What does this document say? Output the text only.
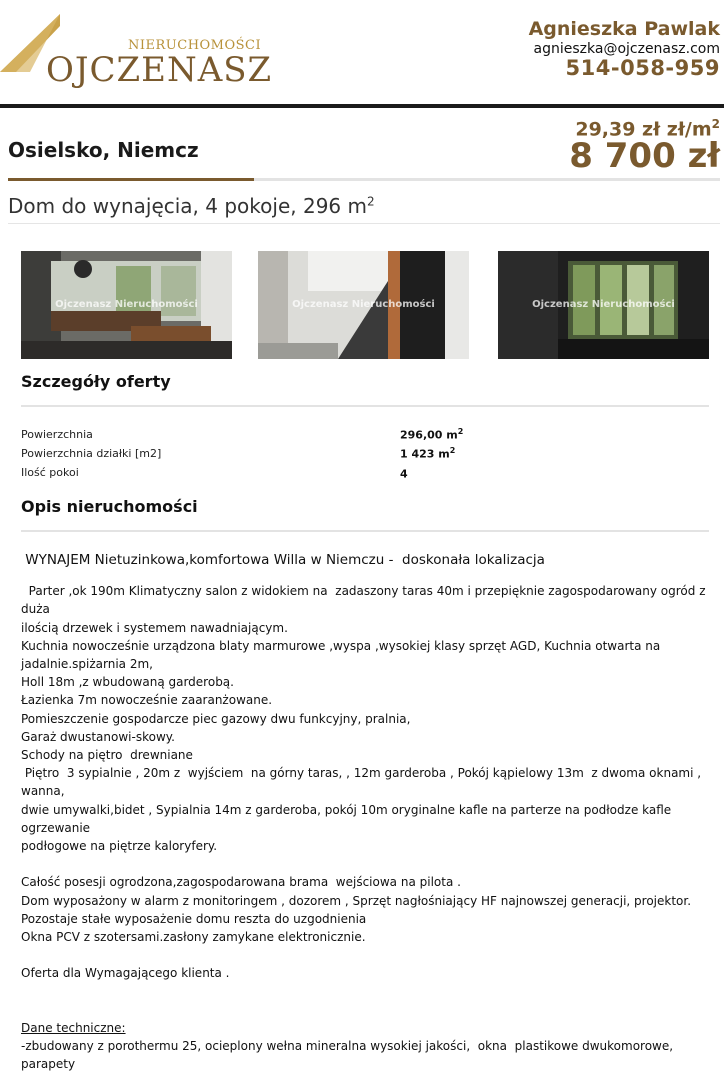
NIERUCHOMOŚCI
OJCZENASZ
Agnieszka Pawlak
agnieszka@ojczenasz.com
514-058-959
Osielsko, Niemcz
29,39 zł $zł/m^2$
8 700 zł
Dom do wynajęcia, 4 pokoje, 296 $m^2$
Ojczenasz Nieruchomości	Ojczenasz Nieruchomości	Ojczenasz Nieruchomości
Szczegóły oferty
Powierzchnia	296,00 $m^2$
Powierzchnia działki [m2]	1 423 $m^2$
Ilość pokoi	4
Opis nieruchomości

WYNAJEM Nietuzinkowa,komfortowa Willa w Niemczu -  doskonała lokalizacja

Parter ,ok 190m Klimatyczny salon z widokiem na  zadaszony taras 40m i przepięknie zagospodarowany ogród z duża

ilością drzewek i systemem nawadniającym.

Kuchnia nowocześnie urządzona blaty marmurowe ,wyspa ,wysokiej klasy sprzęt AGD, Kuchnia otwarta na

jadalnie.spiżarnia 2m,

Holl 18m ,z wbudowaną garderobą.

Łazienka 7m nowocześnie zaaranżowane.

Pomieszczenie gospodarcze piec gazowy dwu funkcyjny, pralnia,

Garaż dwustanowi-skowy.

Schody na piętro  drewniane

Piętro  3 sypialnie , 20m z  wyjściem  na górny taras, , 12m garderoba , Pokój kąpielowy 13m  z dwoma oknami , wanna,

dwie umywalki,bidet , Sypialnia 14m z garderoba, pokój 10m oryginalne kafle na parterze na podłodze kafle ogrzewanie

podłogowe na piętrze kaloryfery.

Całość posesji ogrodzona,zagospodarowana brama  wejściowa na pilota .

Dom wyposażony w alarm z monitoringem , dozorem , Sprzęt nagłośniający HF najnowszej generacji, projektor.

Pozostaje stałe wyposażenie domu reszta do uzgodnienia

Okna PCV z szotersami.zasłony zamykane elektronicznie.

Oferta dla Wymagającego klienta .

Dane techniczne:

-zbudowany z porothermu 25, ocieplony wełna mineralna wysokiej jakości,  okna  plastikowe dwukomorowe, parapety
